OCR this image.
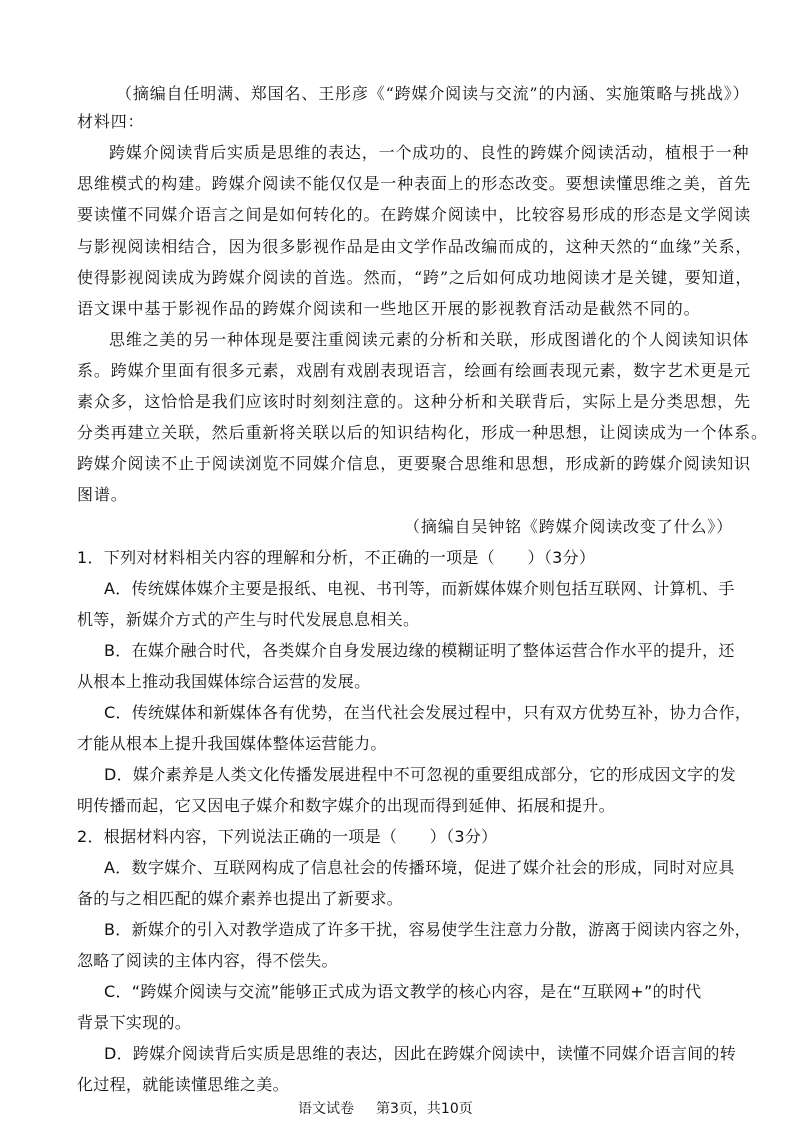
（摘编自任明满、郑国名、王彤彦《“跨媒介阅读与交流”的内涵、实施策略与挑战》）
材料四：
跨媒介阅读背后实质是思维的表达，一个成功的、良性的跨媒介阅读活动，植根于一种
思维模式的构建。跨媒介阅读不能仅仅是一种表面上的形态改变。要想读懂思维之美，首先
要读懂不同媒介语言之间是如何转化的。在跨媒介阅读中，比较容易形成的形态是文学阅读
与影视阅读相结合，因为很多影视作品是由文学作品改编而成的，这种天然的“血缘”关系，
使得影视阅读成为跨媒介阅读的首选。然而，“跨”之后如何成功地阅读才是关键，要知道，
语文课中基于影视作品的跨媒介阅读和一些地区开展的影视教育活动是截然不同的。
思维之美的另一种体现是要注重阅读元素的分析和关联，形成图谱化的个人阅读知识体
系。跨媒介里面有很多元素，戏剧有戏剧表现语言，绘画有绘画表现元素，数字艺术更是元
素众多，这恰恰是我们应该时时刻刻注意的。这种分析和关联背后，实际上是分类思想，先
分类再建立关联，然后重新将关联以后的知识结构化，形成一种思想，让阅读成为一个体系。
跨媒介阅读不止于阅读浏览不同媒介信息，更要聚合思维和思想，形成新的跨媒介阅读知识
图谱。
（摘编自吴钟铭《跨媒介阅读改变了什么》）
1．下列对材料相关内容的理解和分析，不正确的一项是（　　）（3分）
A．传统媒体媒介主要是报纸、电视、书刊等，而新媒体媒介则包括互联网、计算机、手
机等，新媒介方式的产生与时代发展息息相关。
B．在媒介融合时代，各类媒介自身发展边缘的模糊证明了整体运营合作水平的提升，还
从根本上推动我国媒体综合运营的发展。
C．传统媒体和新媒体各有优势，在当代社会发展过程中，只有双方优势互补，协力合作，
才能从根本上提升我国媒体整体运营能力。
D．媒介素养是人类文化传播发展进程中不可忽视的重要组成部分，它的形成因文字的发
明传播而起，它又因电子媒介和数字媒介的出现而得到延伸、拓展和提升。
2．根据材料内容，下列说法正确的一项是（　　）（3分）
A．数字媒介、互联网构成了信息社会的传播环境，促进了媒介社会的形成，同时对应具
备的与之相匹配的媒介素养也提出了新要求。
B．新媒介的引入对教学造成了许多干扰，容易使学生注意力分散，游离于阅读内容之外，
忽略了阅读的主体内容，得不偿失。
C．“跨媒介阅读与交流”能够正式成为语文教学的核心内容，是在“互联网+”的时代
背景下实现的。
D．跨媒介阅读背后实质是思维的表达，因此在跨媒介阅读中，读懂不同媒介语言间的转
化过程，就能读懂思维之美。
语文试卷 第3页，共10页
